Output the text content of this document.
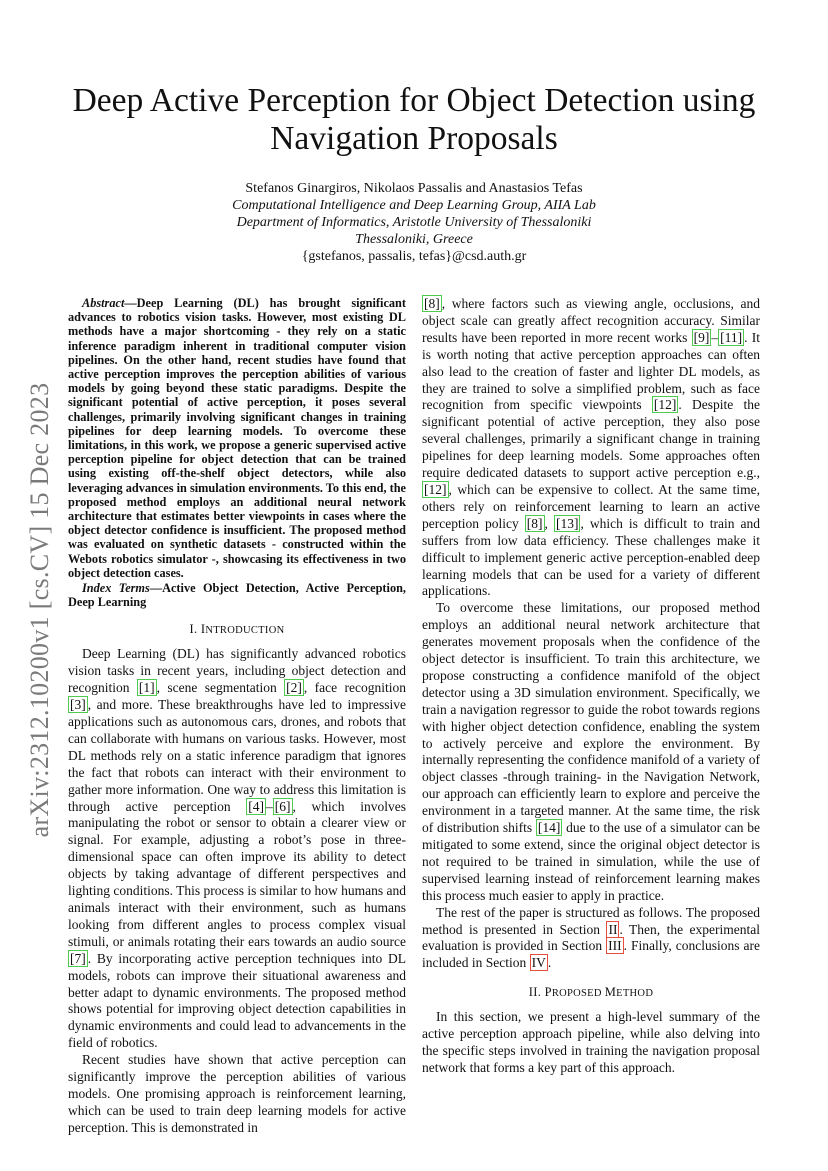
arXiv:2312.10200v1 [cs.CV] 15 Dec 2023
Deep Active Perception for Object Detection using Navigation Proposals
Stefanos Ginargiros, Nikolaos Passalis and Anastasios Tefas
Computational Intelligence and Deep Learning Group, AIIA Lab
Department of Informatics, Aristotle University of Thessaloniki
Thessaloniki, Greece
{gstefanos, passalis, tefas}@csd.auth.gr

Abstract—Deep Learning (DL) has brought significant advances to robotics vision tasks. However, most existing DL methods have a major shortcoming - they rely on a static inference paradigm inherent in traditional computer vision pipelines. On the other hand, recent studies have found that active perception improves the perception abilities of various models by going beyond these static paradigms. Despite the significant potential of active perception, it poses several challenges, primarily involving significant changes in training pipelines for deep learning models. To overcome these limitations, in this work, we propose a generic supervised active perception pipeline for object detection that can be trained using existing off-the-shelf object detectors, while also leveraging advances in simulation environments. To this end, the proposed method employs an additional neural network architecture that estimates better viewpoints in cases where the object detector confidence is insufficient. The proposed method was evaluated on synthetic datasets - constructed within the Webots robotics simulator -, showcasing its effectiveness in two object detection cases.

Index Terms—Active Object Detection, Active Perception, Deep Learning

I. INTRODUCTION

Deep Learning (DL) has significantly advanced robotics vision tasks in recent years, including object detection and recognition [1] , scene segmentation [2] , face recognition [3] , and more. These breakthroughs have led to impressive applications such as autonomous cars, drones, and robots that can collaborate with humans on various tasks. However, most DL methods rely on a static inference paradigm that ignores the fact that robots can interact with their environment to gather more information. One way to address this limitation is through active perception [4] – [6] , which involves manipulating the robot or sensor to obtain a clearer view or signal. For example, adjusting a robot’s pose in three-dimensional space can often improve its ability to detect objects by taking advantage of different perspectives and lighting conditions. This process is similar to how humans and animals interact with their environment, such as humans looking from different angles to process complex visual stimuli, or animals rotating their ears towards an audio source [7] . By incorporating active perception techniques into DL models, robots can improve their situational awareness and better adapt to dynamic environments. The proposed method shows potential for improving object detection capabilities in dynamic environments and could lead to advancements in the field of robotics.

Recent studies have shown that active perception can significantly improve the perception abilities of various models. One promising approach is reinforcement learning, which can be used to train deep learning models for active perception. This is demonstrated in

[8] , where factors such as viewing angle, occlusions, and object scale can greatly affect recognition accuracy. Similar results have been reported in more recent works [9] – [11] . It is worth noting that active perception approaches can often also lead to the creation of faster and lighter DL models, as they are trained to solve a simplified problem, such as face recognition from specific viewpoints [12] . Despite the significant potential of active perception, they also pose several challenges, primarily a significant change in training pipelines for deep learning models. Some approaches often require dedicated datasets to support active perception e.g., [12] , which can be expensive to collect. At the same time, others rely on reinforcement learning to learn an active perception policy [8] , [13] , which is difficult to train and suffers from low data efficiency. These challenges make it difficult to implement generic active perception-enabled deep learning models that can be used for a variety of different applications.

To overcome these limitations, our proposed method employs an additional neural network architecture that generates movement proposals when the confidence of the object detector is insufficient. To train this architecture, we propose constructing a confidence manifold of the object detector using a 3D simulation environment. Specifically, we train a navigation regressor to guide the robot towards regions with higher object detection confidence, enabling the system to actively perceive and explore the environment. By internally representing the confidence manifold of a variety of object classes -through training- in the Navigation Network, our approach can efficiently learn to explore and perceive the environment in a targeted manner. At the same time, the risk of distribution shifts [14] due to the use of a simulator can be mitigated to some extend, since the original object detector is not required to be trained in simulation, while the use of supervised learning instead of reinforcement learning makes this process much easier to apply in practice.

The rest of the paper is structured as follows. The proposed method is presented in Section II . Then, the experimental evaluation is provided in Section III . Finally, conclusions are included in Section IV .

II. PROPOSED METHOD

In this section, we present a high-level summary of the active perception approach pipeline, while also delving into the specific steps involved in training the navigation proposal network that forms a key part of this approach.
